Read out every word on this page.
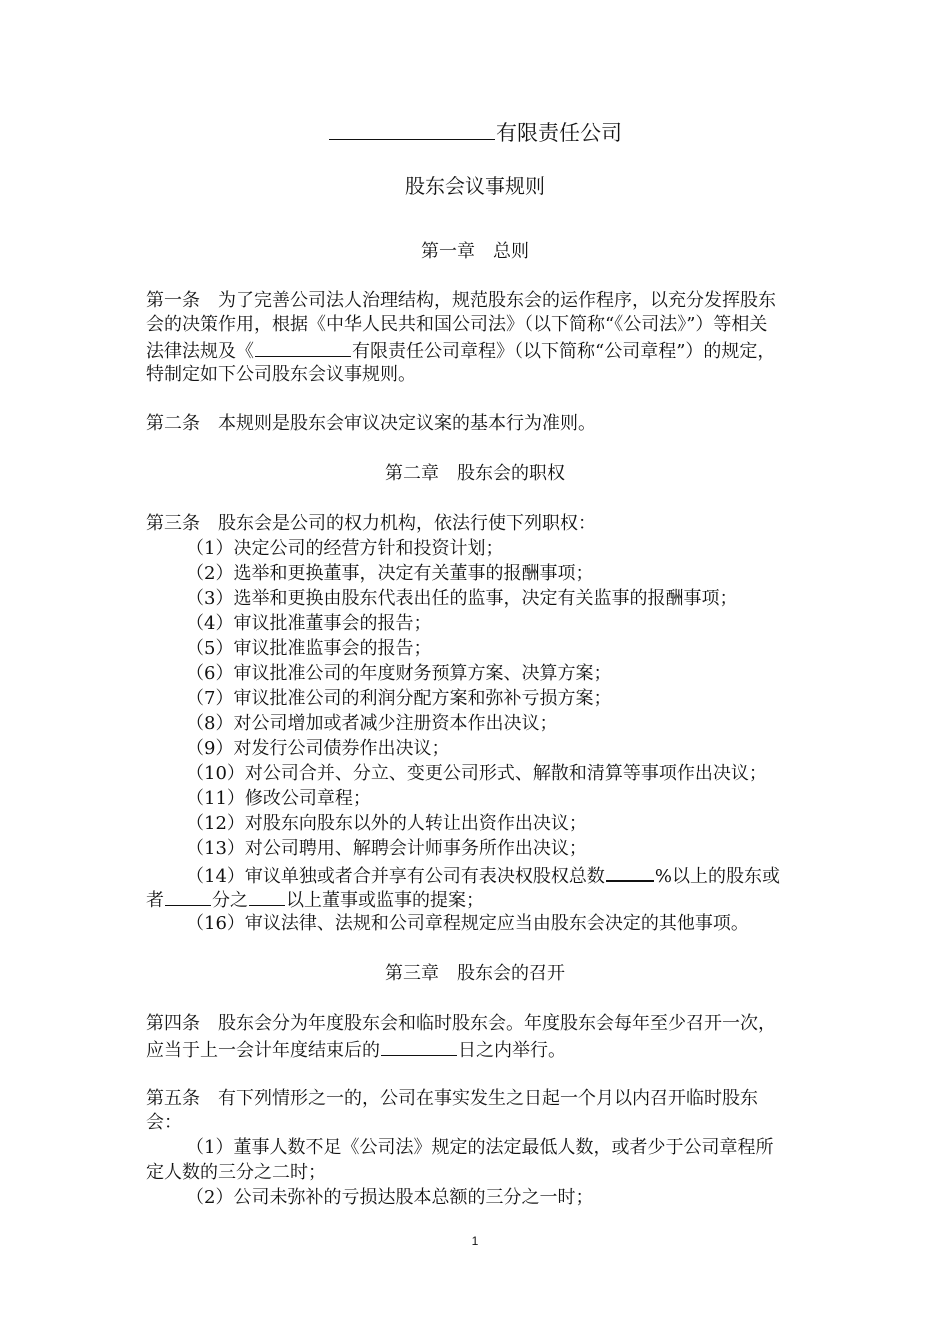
有限责任公司
股东会议事规则
第一章　总则
第一条　为了完善公司法人治理结构，规范股东会的运作程序，以充分发挥股东
会的决策作用，根据《中华人民共和国公司法》（以下简称“《公司法》”）等相关
法律法规及《	有限责任公司章程》（以下简称“公司章程”）的规定，
特制定如下公司股东会议事规则。
第二条　本规则是股东会审议决定议案的基本行为准则。
第二章　股东会的职权
第三条　股东会是公司的权力机构，依法行使下列职权：
（1）决定公司的经营方针和投资计划；
（2）选举和更换董事，决定有关董事的报酬事项；
（3）选举和更换由股东代表出任的监事，决定有关监事的报酬事项；
（4）审议批准董事会的报告；
（5）审议批准监事会的报告；
（6）审议批准公司的年度财务预算方案、决算方案；
（7）审议批准公司的利润分配方案和弥补亏损方案；
（8）对公司增加或者减少注册资本作出决议；
（9）对发行公司债券作出决议；
（10）对公司合并、分立、变更公司形式、解散和清算等事项作出决议；
（11）修改公司章程；
（12）对股东向股东以外的人转让出资作出决议；
（13）对公司聘用、解聘会计师事务所作出决议；
（14）审议单独或者合并享有公司有表决权股权总数	%以上的股东或
者	分之 以上董事或监事的提案；
（16）审议法律、法规和公司章程规定应当由股东会决定的其他事项。
第三章　股东会的召开
第四条　股东会分为年度股东会和临时股东会。年度股东会每年至少召开一次，
应当于上一会计年度结束后的	日之内举行。
第五条　有下列情形之一的，公司在事实发生之日起一个月以内召开临时股东
会：
（1）董事人数不足《公司法》规定的法定最低人数，或者少于公司章程所
定人数的三分之二时；
（2）公司未弥补的亏损达股本总额的三分之一时；
1
